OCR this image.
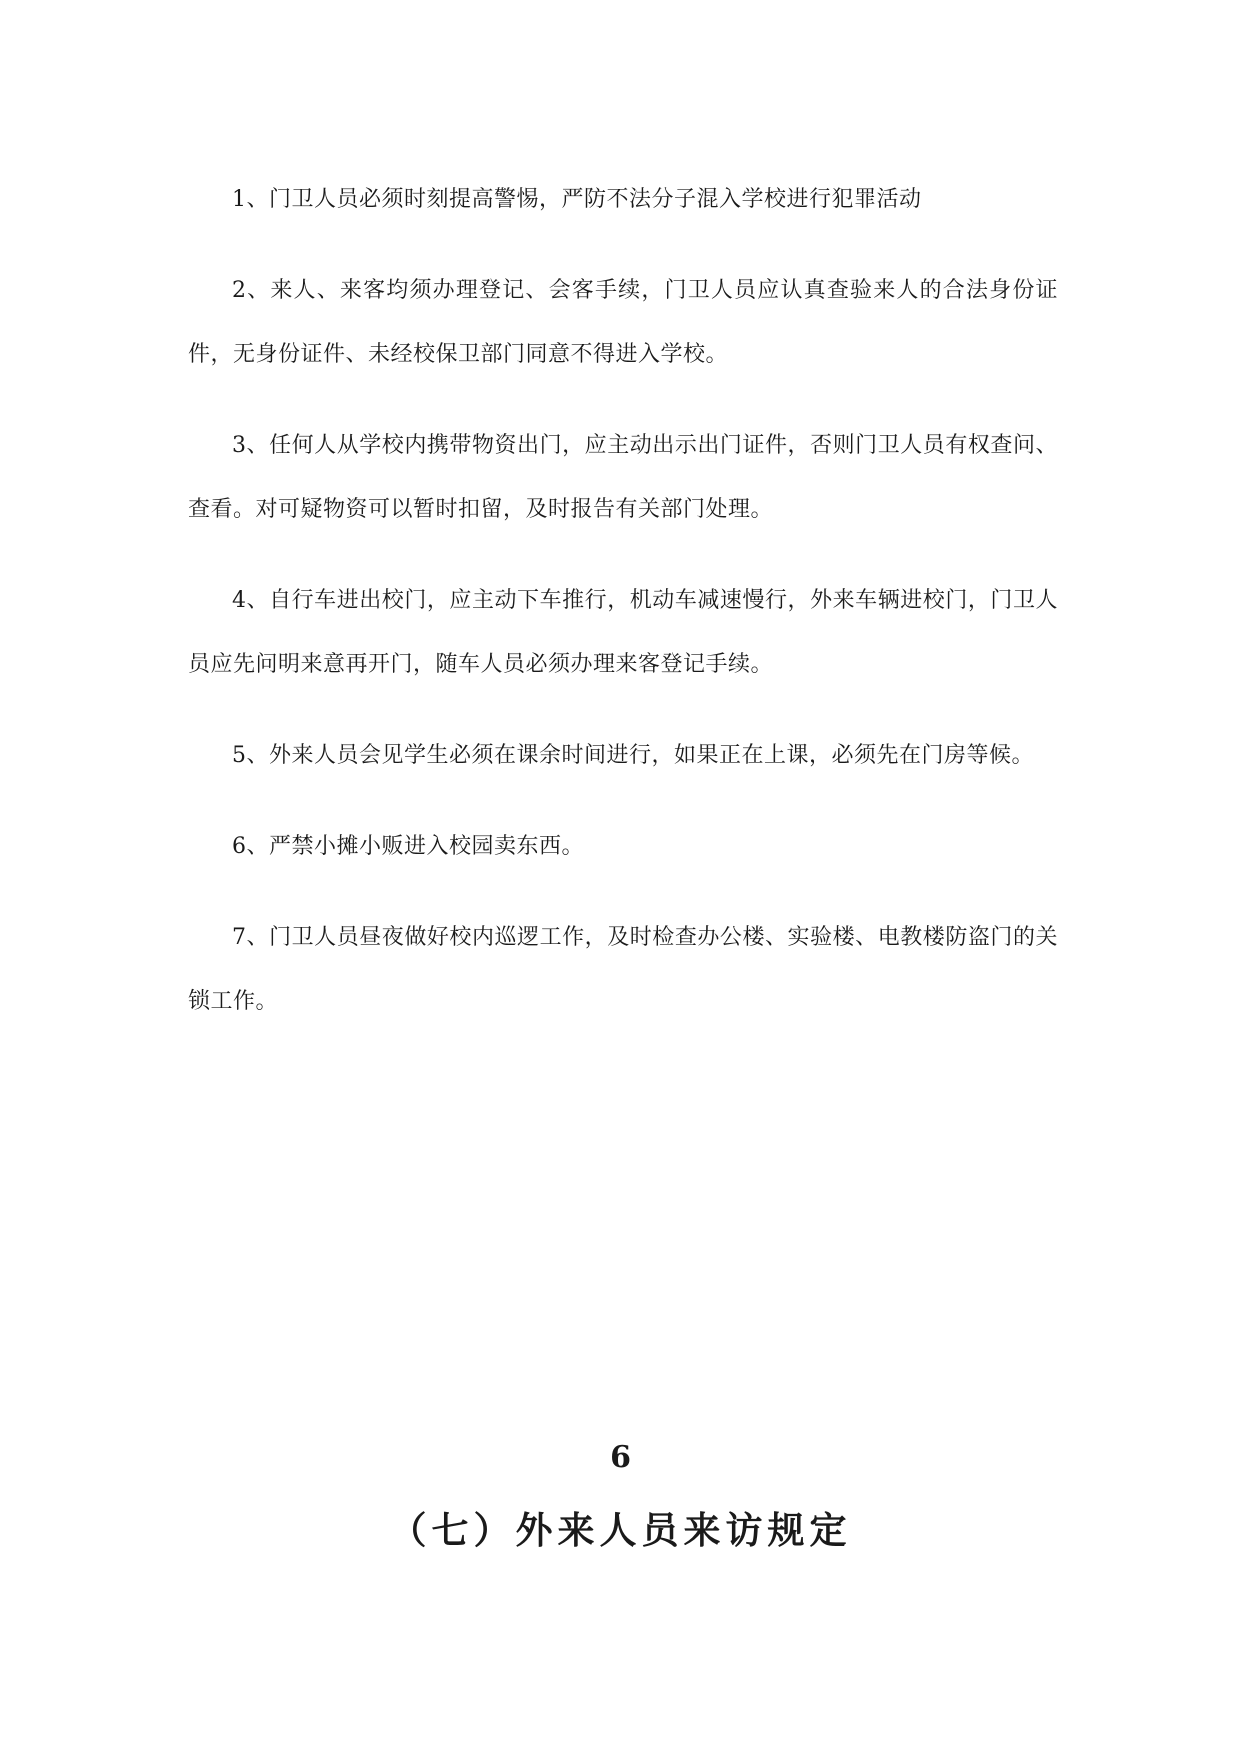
1、门卫人员必须时刻提高警惕，严防不法分子混入学校进行犯罪活动

2、来人、来客均须办理登记、会客手续，门卫人员应认真查验来人的合法身份证件，无身份证件、未经校保卫部门同意不得进入学校。

3、任何人从学校内携带物资出门，应主动出示出门证件，否则门卫人员有权查问、查看。对可疑物资可以暂时扣留，及时报告有关部门处理。

4、自行车进出校门，应主动下车推行，机动车减速慢行，外来车辆进校门，门卫人员应先问明来意再开门，随车人员必须办理来客登记手续。

5、外来人员会见学生必须在课余时间进行，如果正在上课，必须先在门房等候。

6、严禁小摊小贩进入校园卖东西。

7、门卫人员昼夜做好校内巡逻工作，及时检查办公楼、实验楼、电教楼防盗门的关锁工作。

6
（七）外来人员来访规定
